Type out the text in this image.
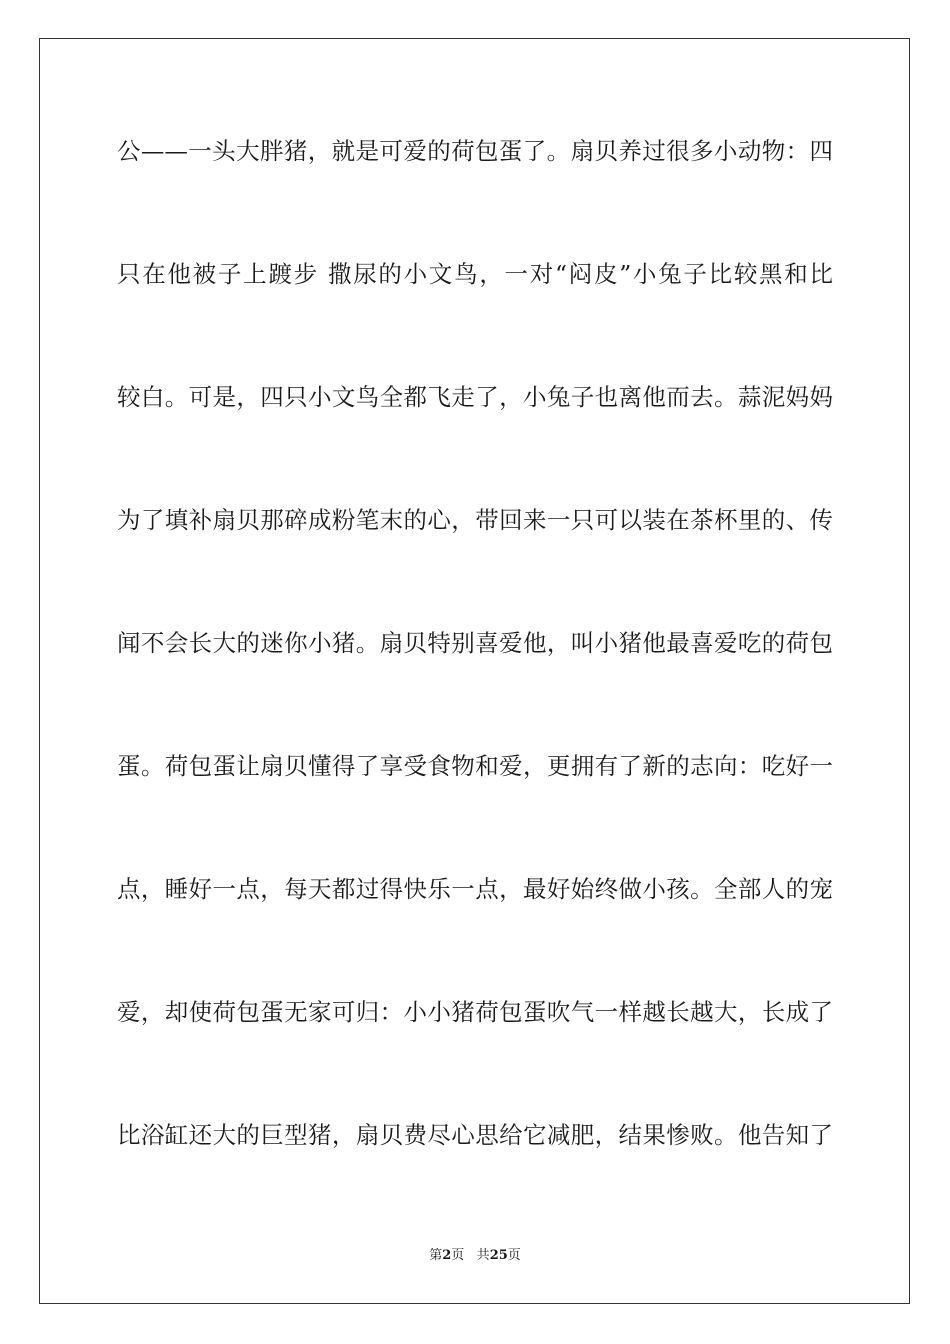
公——一头大胖猪，就是可爱的荷包蛋了。扇贝养过很多小动物：四
只在他被子上踱步 撒尿的小文鸟，一对“闷皮”小兔子比较黑和比
较白。可是，四只小文鸟全都飞走了，小兔子也离他而去。蒜泥妈妈
为了填补扇贝那碎成粉笔末的心，带回来一只可以装在茶杯里的、传
闻不会长大的迷你小猪。扇贝特别喜爱他，叫小猪他最喜爱吃的荷包
蛋。荷包蛋让扇贝懂得了享受食物和爱，更拥有了新的志向：吃好一
点，睡好一点，每天都过得快乐一点，最好始终做小孩。全部人的宠
爱，却使荷包蛋无家可归：小小猪荷包蛋吹气一样越长越大，长成了
比浴缸还大的巨型猪，扇贝费尽心思给它减肥，结果惨败。他告知了
第2页 共25页
